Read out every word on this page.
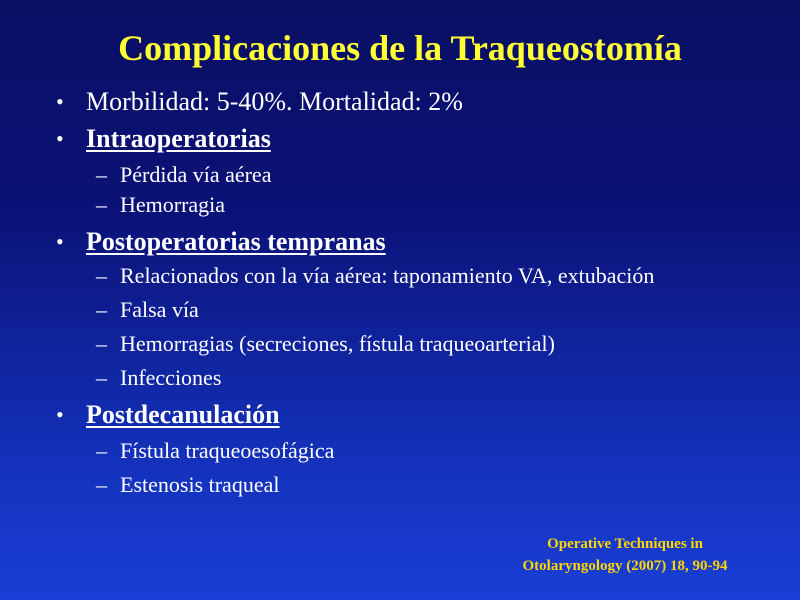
Complicaciones de la Traqueostomía

• Morbilidad: 5-40%. Mortalidad: 2%

• Intraoperatorias

– Pérdida vía aérea

– Hemorragia

• Postoperatorias tempranas

– Relacionados con la vía aérea: taponamiento VA, extubación

– Falsa vía

– Hemorragias (secreciones, fístula traqueoarterial)

– Infecciones

• Postdecanulación

– Fístula traqueoesofágica

– Estenosis traqueal

Operative Techniques in
Otolaryngology (2007) 18, 90-94
